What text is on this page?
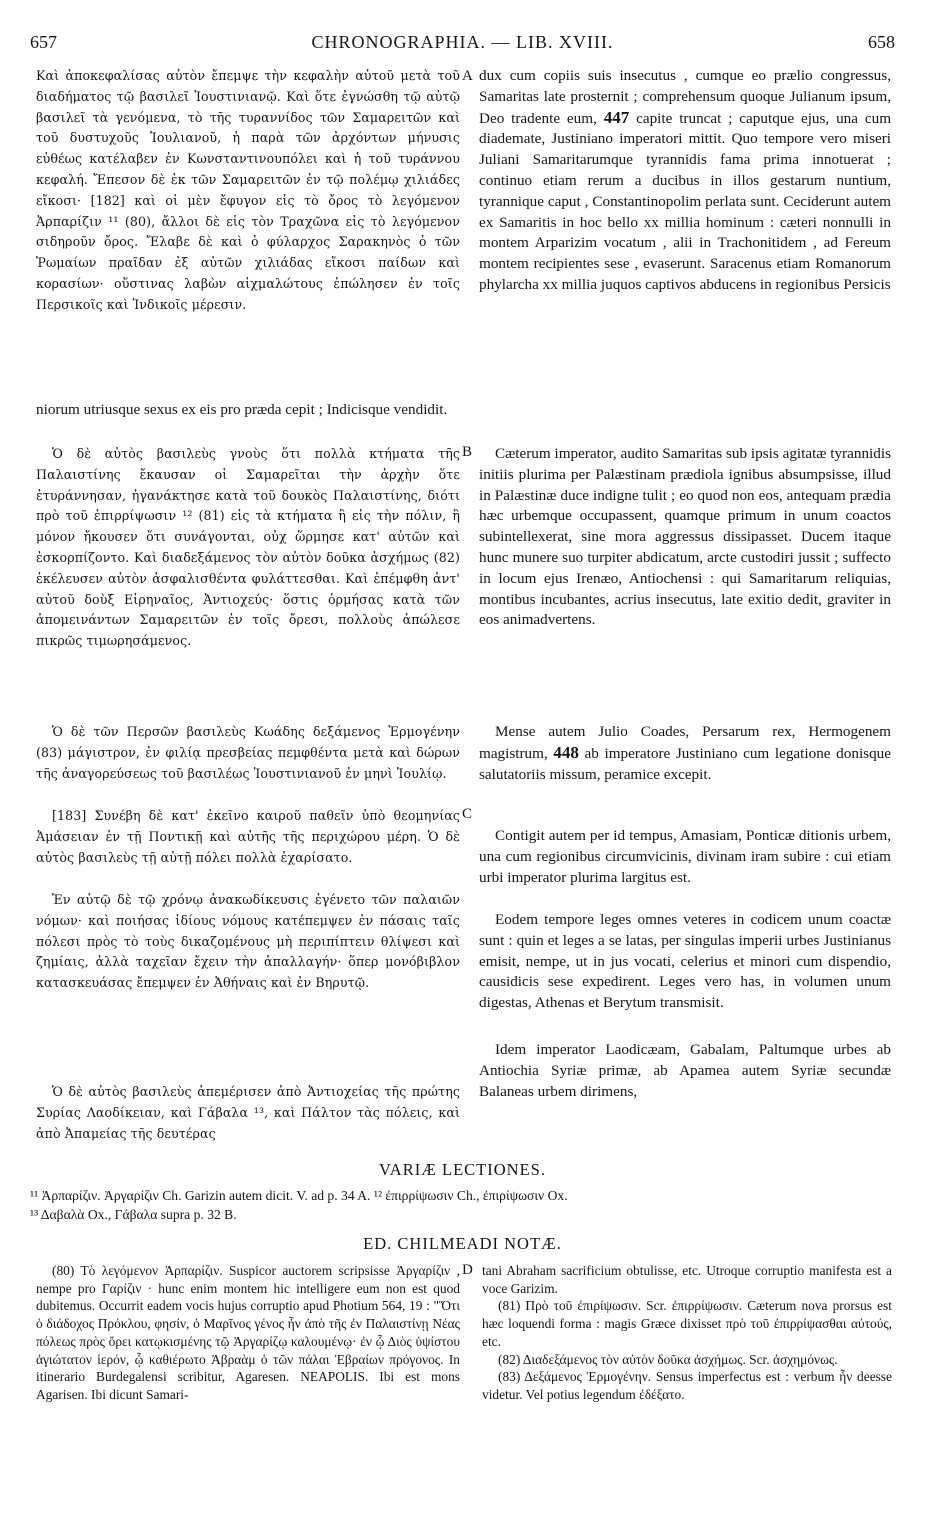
657	CHRONOGRAPHIA. — LIB. XVIII.	658

Καὶ ἀποκεφαλίσας αὐτὸν ἔπεμψε τὴν κεφαλὴν αὐτοῦ μετὰ τοῦ διαδήματος τῷ βασιλεῖ Ἰουστινιανῷ. Καὶ ὅτε ἐγνώσθη τῷ αὐτῷ βασιλεῖ τὰ γενόμενα, τὸ τῆς τυραννίδος τῶν Σαμαρειτῶν καὶ τοῦ δυστυχοῦς Ἰουλιανοῦ, ἡ παρὰ τῶν ἀρχόντων μήνυσις εὐθέως κατέλαβεν ἐν Κωνσταντινουπόλει καὶ ἡ τοῦ τυράννου κεφαλή. Ἔπεσον δὲ ἐκ τῶν Σαμαρειτῶν ἐν τῷ πολέμῳ χιλιάδες εἴκοσι· [182] καὶ οἱ μὲν ἔφυγον εἰς τὸ ὄρος τὸ λεγόμενον Ἀρπαρίζιν ¹¹ (80), ἄλλοι δὲ εἰς τὸν Τραχῶνα εἰς τὸ λεγόμενον σιδηροῦν ὄρος. Ἔλαβε δὲ καὶ ὁ φύλαρχος Σαρακηνὸς ὁ τῶν Ῥωμαίων πραῖδαν ἐξ αὐτῶν χιλιάδας εἴκοσι παίδων καὶ κορασίων· οὕστινας λαβὼν αἰχμαλώτους ἐπώλησεν ἐν τοῖς Περσικοῖς καὶ Ἰνδικοῖς μέρεσιν.

niorum utriusque sexus ex eis pro præda cepit ; Indicisque vendidit.

Ὁ δὲ αὐτὸς βασιλεὺς γνοὺς ὅτι πολλὰ κτήματα τῆς Παλαιστίνης ἔκαυσαν οἱ Σαμαρεῖται τὴν ἀρχὴν ὅτε ἐτυράννησαν, ἠγανάκτησε κατὰ τοῦ δουκὸς Παλαιστίνης, διότι πρὸ τοῦ ἐπιρρίψωσιν ¹² (81) εἰς τὰ κτήματα ἢ εἰς τὴν πόλιν, ἢ μόνον ἤκουσεν ὅτι συνάγονται, οὐχ ὥρμησε κατ' αὐτῶν καὶ ἐσκορπίζοντο. Καὶ διαδεξάμενος τὸν αὐτὸν δοῦκα ἀσχήμως (82) ἐκέλευσεν αὐτὸν ἀσφαλισθέντα φυλάττεσθαι. Καὶ ἐπέμφθη ἀντ' αὐτοῦ δοὺξ Εἰρηναῖος, Ἀντιοχεύς· ὅστις ὁρμήσας κατὰ τῶν ἀπομεινάντων Σαμαρειτῶν ἐν τοῖς ὄρεσι, πολλοὺς ἀπώλεσε πικρῶς τιμωρησάμενος.

Ὁ δὲ τῶν Περσῶν βασιλεὺς Κωάδης δεξάμενος Ἑρμογένην (83) μάγιστρον, ἐν φιλίᾳ πρεσβείας πεμφθέντα μετὰ καὶ δώρων τῆς ἀναγορεύσεως τοῦ βασιλέως Ἰουστινιανοῦ ἐν μηνὶ Ἰουλίῳ.

[183] Συνέβη δὲ κατ' ἐκεῖνο καιροῦ παθεῖν ὑπὸ θεομηνίας Ἀμάσειαν ἐν τῇ Ποντικῇ καὶ αὐτῆς τῆς περιχώρου μέρη. Ὁ δὲ αὐτὸς βασιλεὺς τῇ αὐτῇ πόλει πολλὰ ἐχαρίσατο.

Ἐν αὐτῷ δὲ τῷ χρόνῳ ἀνακωδίκευσις ἐγένετο τῶν παλαιῶν νόμων· καὶ ποιήσας ἰδίους νόμους κατέπεμψεν ἐν πάσαις ταῖς πόλεσι πρὸς τὸ τοὺς δικαζομένους μὴ περιπίπτειν θλίψεσι καὶ ζημίαις, ἀλλὰ ταχεῖαν ἔχειν τὴν ἀπαλλαγήν· ὅπερ μονόβιβλον κατασκευάσας ἔπεμψεν ἐν Ἀθήναις καὶ ἐν Βηρυτῷ.

Ὁ δὲ αὐτὸς βασιλεὺς ἀπεμέρισεν ἀπὸ Ἀντιοχείας τῆς πρώτης Συρίας Λαοδίκειαν, καὶ Γάβαλα ¹³, καὶ Πάλτον τὰς πόλεις, καὶ ἀπὸ Ἀπαμείας τῆς δευτέρας

A
B
C

dux cum copiis suis insecutus , cumque eo prælio congressus, Samaritas late prosternit ; comprehensum quoque Julianum ipsum, Deo tradente eum, 447 capite truncat ; caputque ejus, una cum diademate, Justiniano imperatori mittit. Quo tempore vero miseri Juliani Samaritarumque tyrannidis fama prima innotuerat ; continuo etiam rerum a ducibus in illos gestarum nuntium, tyrannique caput , Constantinopolim perlata sunt. Ceciderunt autem ex Samaritis in hoc bello xx millia hominum : cæteri nonnulli in montem Arparizim vocatum , alii in Trachonitidem , ad Fereum montem recipientes sese , evaserunt. Saracenus etiam Romanorum phylarcha xx millia juquos captivos abducens in regionibus Persicis

Cæterum imperator, audito Samaritas sub ipsis agitatæ tyrannidis initiis plurima per Palæstinam prædiola ignibus absumpsisse, illud in Palæstinæ duce indigne tulit ; eo quod non eos, antequam prædia hæc urbemque occupassent, quamque primum in unum coactos subintellexerat, sine mora aggressus dissipasset. Ducem itaque hunc munere suo turpiter abdicatum, arcte custodiri jussit ; suffecto in locum ejus Irenæo, Antiochensi : qui Samaritarum reliquias, montibus incubantes, acrius insecutus, late exitio dedit, graviter in eos animadvertens.

Mense autem Julio Coades, Persarum rex, Hermogenem magistrum, 448 ab imperatore Justiniano cum legatione donisque salutatoriis missum, peramice excepit.

Contigit autem per id tempus, Amasiam, Ponticæ ditionis urbem, una cum regionibus circumvicinis, divinam iram subire : cui etiam urbi imperator plurima largitus est.

Eodem tempore leges omnes veteres in codicem unum coactæ sunt : quin et leges a se latas, per singulas imperii urbes Justinianus emisit, nempe, ut in jus vocati, celerius et minori cum dispendio, causidicis sese expedirent. Leges vero has, in volumen unum digestas, Athenas et Berytum transmisit.

Idem imperator Laodicæam, Gabalam, Paltumque urbes ab Antiochia Syriæ primæ, ab Apamea autem Syriæ secundæ Balaneas urbem dirimens,

VARIÆ LECTIONES.
¹¹ Ἀρπαρίζιν. Ἀργαρίζιν Ch. Garizin autem dicit. V. ad p. 34 A. ¹² ἐπιρρίψωσιν Ch., ἐπιρίψωσιν Ox.
¹³ Δαβαλὰ Ox., Γάβαλα supra p. 32 B.
ED. CHILMEADI NOTÆ.
D

(80) Τὸ λεγόμενον Ἀρπαρίζιν. Suspicor auctorem scripsisse Ἀργαρίζιν , nempe pro Γαρίζιν · hunc enim montem hic intelligere eum non est quod dubitemus. Occurrit eadem vocis hujus corruptio apud Photium 564, 19 : "Ὅτι ὁ διάδοχος Πρόκλου, φησίν, ὁ Μαρῖνος γένος ἦν ἀπὸ τῆς ἐν Παλαιστίνῃ Νέας πόλεως πρὸς ὄρει κατῳκισμένης τῷ Ἀργαρίζῳ καλουμένῳ· ἐν ᾧ Διὸς ὑψίστου ἁγιώτατον ἱερόν, ᾧ καθιέρωτο Ἀβραὰμ ὁ τῶν πάλαι Ἑβραίων πρόγονος. In itinerario Burdegalensi scribitur, Agaresen. NEAPOLIS. Ibi est mons Agarisen. Ibi dicunt Samari-

tani Abraham sacrificium obtulisse, etc. Utroque corruptio manifesta est a voce Garizim.

(81) Πρὸ τοῦ ἐπιρίψωσιν. Scr. ἐπιρρίψωσιν. Cæterum nova prorsus est hæc loquendi forma : magis Græce dixisset πρὸ τοῦ ἐπιρρίψασθαι αὐτούς, etc.

(82) Διαδεξάμενος τὸν αὐτὸν δοῦκα ἀσχήμως. Scr. ἀσχημόνως.

(83) Δεξάμενος Ἑρμογένην. Sensus imperfectus est : verbum ἦν deesse videtur. Vel potius legendum ἐδέξατο.
